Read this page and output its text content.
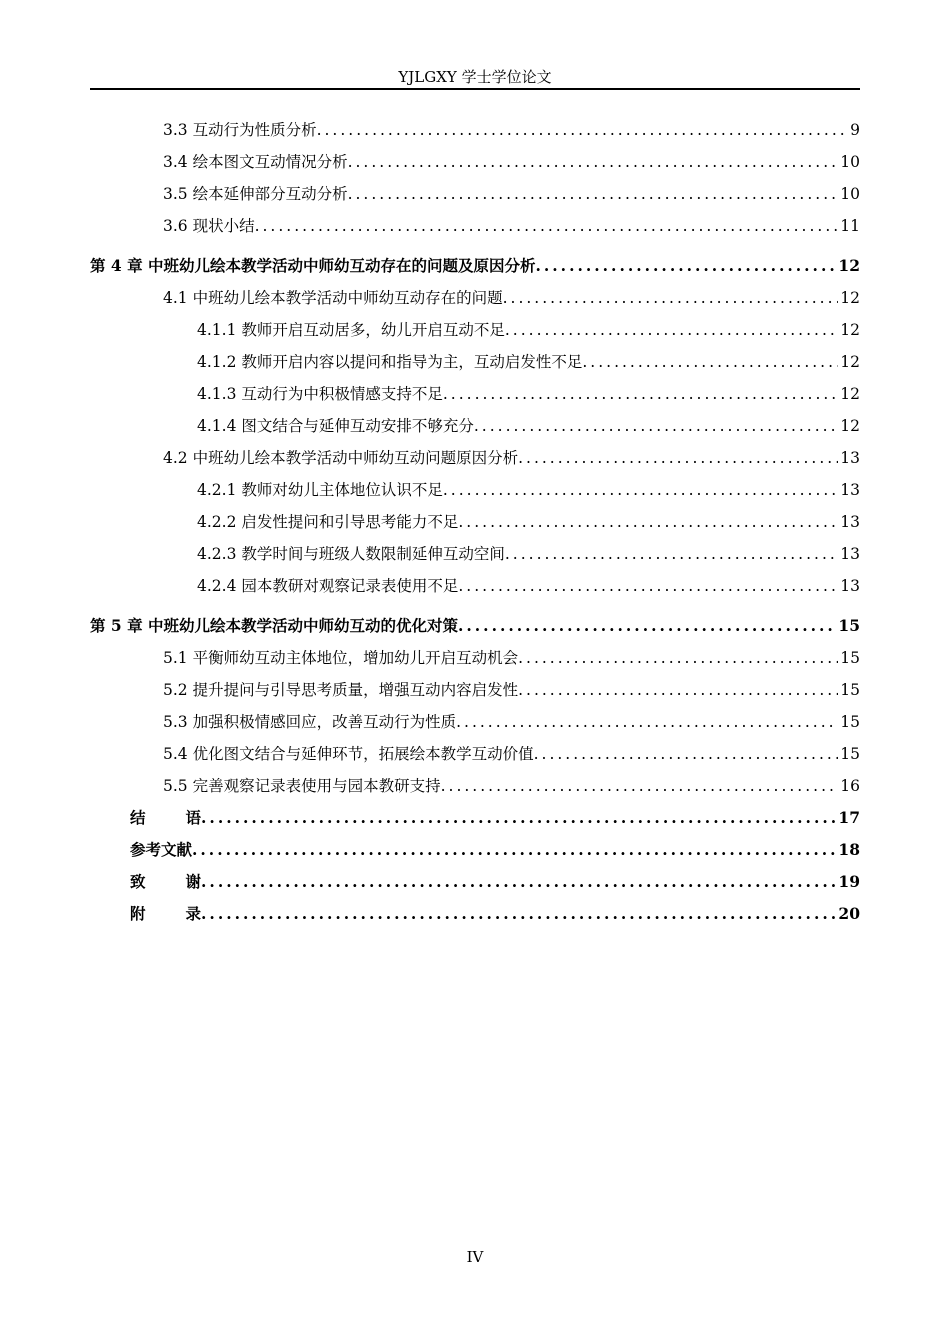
YJLGXY 学士学位论文
3.3 互动行为性质分析 .....	9
3.4 绘本图文互动情况分析 .....	10
3.5 绘本延伸部分互动分析 .....	10
3.6 现状小结 .....	11
第 4 章 中班幼儿绘本教学活动中师幼互动存在的问题及原因分析 .....	12
4.1 中班幼儿绘本教学活动中师幼互动存在的问题 .....	12
4.1.1 教师开启互动居多，幼儿开启互动不足 .....	12
4.1.2 教师开启内容以提问和指导为主，互动启发性不足 .....	12
4.1.3 互动行为中积极情感支持不足 .....	12
4.1.4 图文结合与延伸互动安排不够充分 .....	12
4.2 中班幼儿绘本教学活动中师幼互动问题原因分析 .....	13
4.2.1 教师对幼儿主体地位认识不足 .....	13
4.2.2 启发性提问和引导思考能力不足 .....	13
4.2.3 教学时间与班级人数限制延伸互动空间 .....	13
4.2.4 园本教研对观察记录表使用不足 .....	13
第 5 章 中班幼儿绘本教学活动中师幼互动的优化对策 .....	15
5.1 平衡师幼互动主体地位，增加幼儿开启互动机会 .....	15
5.2 提升提问与引导思考质量，增强互动内容启发性 .....	15
5.3 加强积极情感回应，改善互动行为性质 .....	15
5.4 优化图文结合与延伸环节，拓展绘本教学互动价值 .....	15
5.5 完善观察记录表使用与园本教研支持 .....	16
结	语 .....	17
参考文献 .....	18
致	谢 .....	19
附	录 .....	20
IV
